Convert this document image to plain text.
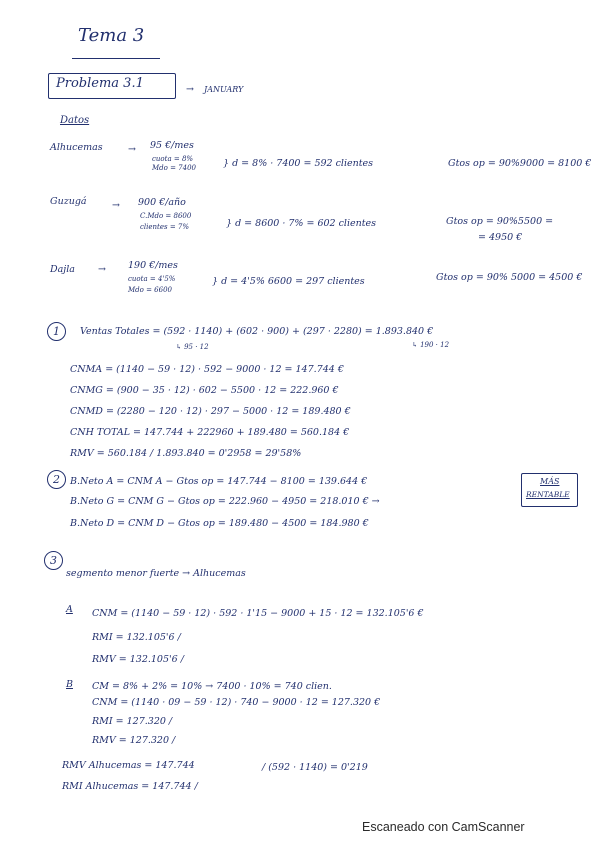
Tema 3
Problema 3.1	→ JANUARY
Datos
Alhucemas	→ 95 €/mes
cuota = 8%
Mdo = 7400	} d = 8% · 7400 = 592 clientes	Gtos op = 90%9000 = 8100 €
Guzugá	→ 900 €/año
C.Mdo = 8600
clientes = 7%	} d = 8600 · 7% = 602 clientes	Gtos op = 90%5500 =
= 4950 €
Dajla → 190 €/mes
cuota = 4'5%
Mdo = 6600
} d = 4'5% 6600 = 297 clientes	Gtos op = 90% 5000 = 4500 €
1	Ventas Totales = (592 · 1140) + (602 · 900) + (297 · 2280) = 1.893.840 €
↳ 95 · 12	↳ 190 · 12
CNMA = (1140 − 59 · 12) · 592 − 9000 · 12 = 147.744 €
CNMG = (900 − 35 · 12) · 602 − 5500 · 12 = 222.960 €
CNMD = (2280 − 120 · 12) · 297 − 5000 · 12 = 189.480 €
CNH TOTAL = 147.744 + 222960 + 189.480 = 560.184 €
RMV = 560.184 / 1.893.840 = 0'2958 = 29'58%
2	B.Neto A = CNM A − Gtos op = 147.744 − 8100 = 139.644 €
B.Neto G = CNM G − Gtos op = 222.960 − 4950 = 218.010 € →
B.Neto D = CNM D − Gtos op = 189.480 − 4500 = 184.980 €
MÁS
RENTABLE
3
segmento menor fuerte → Alhucemas
A CNM = (1140 − 59 · 12) · 592 · 1'15 − 9000 + 15 · 12 = 132.105'6 €
RMI = 132.105'6 /
RMV = 132.105'6 /
B CM = 8% + 2% = 10% → 7400 · 10% = 740 clien.
CNM = (1140 · 09 − 59 · 12) · 740 − 9000 · 12 = 127.320 €
RMI = 127.320 /
RMV = 127.320 /
RMV Alhucemas = 147.744	/ (592 · 1140) = 0'219
RMI Alhucemas = 147.744 /
Escaneado con CamScanner
